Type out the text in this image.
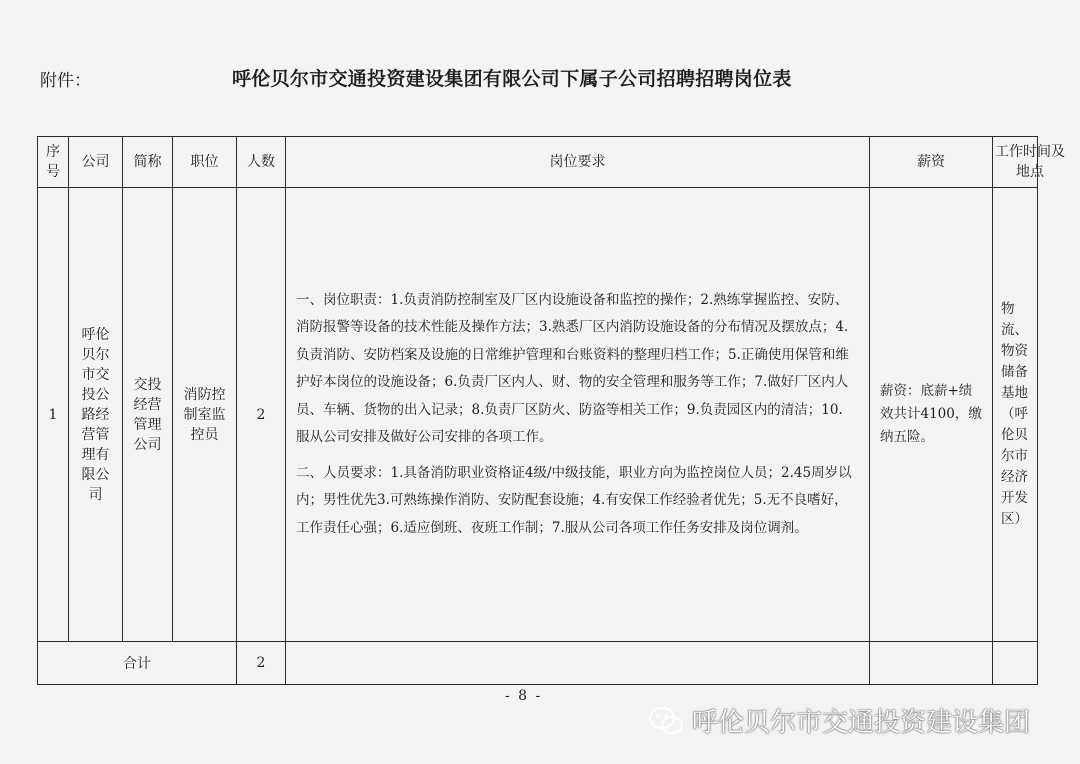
附件：	呼伦贝尔市交通投资建设集团有限公司下属子公司招聘招聘岗位表
序号	公司	简称	职位	人数	岗位要求	薪资	工作时间及地点

1	呼伦贝尔市交投公路经营管理有限公司	交投经营管理公司	消防控制室监控员	2	一、岗位职责：1.负责消防控制室及厂区内设施设备和监控的操作；2.熟练掌握监控、安防、消防报警等设备的技术性能及操作方法；3.熟悉厂区内消防设施设备的分布情况及摆放点；4.负责消防、安防档案及设施的日常维护管理和台账资料的整理归档工作；5.正确使用保管和维护好本岗位的设施设备；6.负责厂区内人、财、物的安全管理和服务等工作；7.做好厂区内人员、车辆、货物的出入记录；8.负责厂区防火、防盗等相关工作；9.负责园区内的清洁；10.服从公司安排及做好公司安排的各项工作。

二、人员要求：1.具备消防职业资格证4级/中级技能，职业方向为监控岗位人员；2.45周岁以内；男性优先3.可熟练操作消防、安防配套设施；4.有安保工作经验者优先；5.无不良嗜好，工作责任心强；6.适应倒班、夜班工作制；7.服从公司各项工作任务安排及岗位调剂。	薪资：底薪+绩效共计4100，缴纳五险。	物流、物资储备基地（呼伦贝尔市经济开发区）
合计				2			
- 8 -
呼伦贝尔市交通投资建设集团
